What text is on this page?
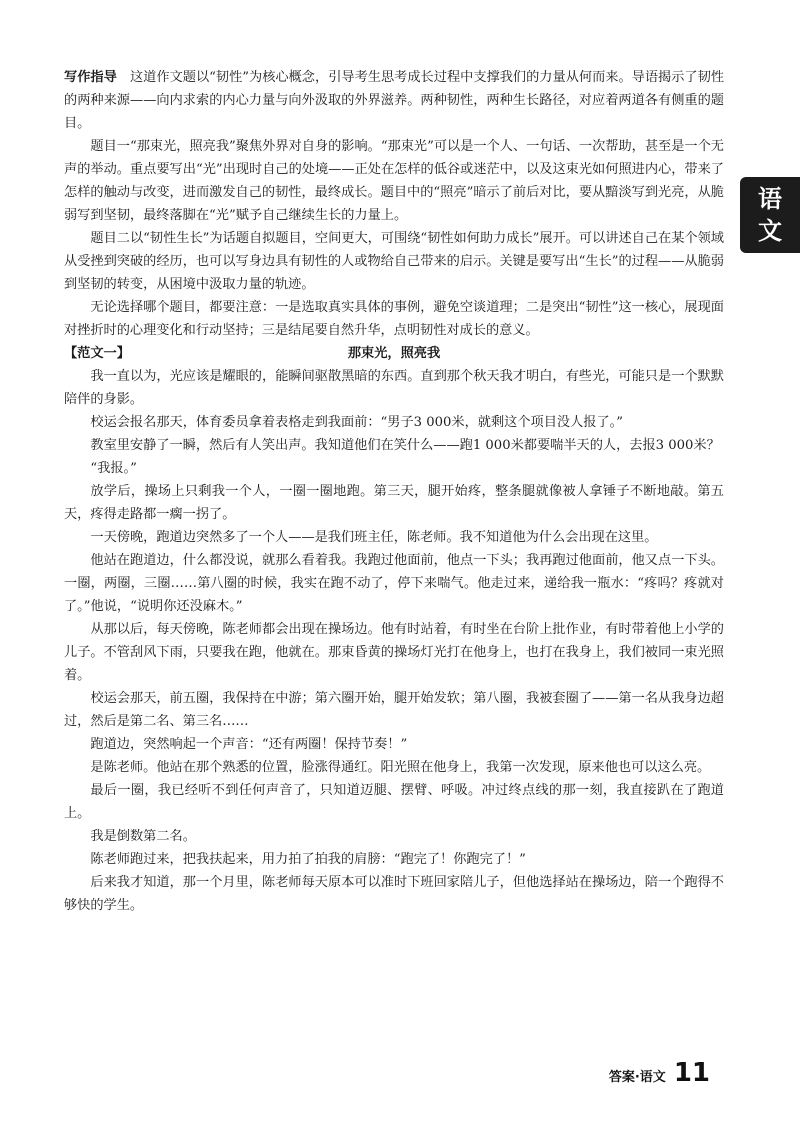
写作指导　 这道作文题以“韧性”为核心概念，引导考生思考成长过程中支撑我们的力量从何而来。导语揭示了韧性的两种来源——向内求索的内心力量与向外汲取的外界滋养。两种韧性，两种生长路径，对应着两道各有侧重的题目。

题目一“那束光，照亮我”聚焦外界对自身的影响。“那束光”可以是一个人、一句话、一次帮助，甚至是一个无声的举动。重点要写出“光”出现时自己的处境——正处在怎样的低谷或迷茫中，以及这束光如何照进内心，带来了怎样的触动与改变，进而激发自己的韧性，最终成长。题目中的“照亮”暗示了前后对比，要从黯淡写到光亮，从脆弱写到坚韧，最终落脚在“光”赋予自己继续生长的力量上。

题目二以“韧性生长”为话题自拟题目，空间更大，可围绕“韧性如何助力成长”展开。可以讲述自己在某个领域从受挫到突破的经历，也可以写身边具有韧性的人或物给自己带来的启示。关键是要写出“生长”的过程——从脆弱到坚韧的转变，从困境中汲取力量的轨迹。

无论选择哪个题目，都要注意：一是选取真实具体的事例，避免空谈道理；二是突出“韧性”这一核心，展现面对挫折时的心理变化和行动坚持；三是结尾要自然升华，点明韧性对成长的意义。

【范文一】	那束光，照亮我

我一直以为，光应该是耀眼的，能瞬间驱散黑暗的东西。直到那个秋天我才明白，有些光，可能只是一个默默陪伴的身影。

校运会报名那天，体育委员拿着表格走到我面前：“男子3 000米，就剩这个项目没人报了。”

教室里安静了一瞬，然后有人笑出声。我知道他们在笑什么——跑1 000米都要喘半天的人，去报3 000米？

“我报。”

放学后，操场上只剩我一个人，一圈一圈地跑。第三天，腿开始疼，整条腿就像被人拿锤子不断地敲。第五天，疼得走路都一瘸一拐了。

一天傍晚，跑道边突然多了一个人——是我们班主任，陈老师。我不知道他为什么会出现在这里。

他站在跑道边，什么都没说，就那么看着我。我跑过他面前，他点一下头；我再跑过他面前，他又点一下头。一圈，两圈，三圈……第八圈的时候，我实在跑不动了，停下来喘气。他走过来，递给我一瓶水：“疼吗？疼就对了。”他说，“说明你还没麻木。”

从那以后，每天傍晚，陈老师都会出现在操场边。他有时站着，有时坐在台阶上批作业，有时带着他上小学的儿子。不管刮风下雨，只要我在跑，他就在。那束昏黄的操场灯光打在他身上，也打在我身上，我们被同一束光照着。

校运会那天，前五圈，我保持在中游；第六圈开始，腿开始发软；第八圈，我被套圈了——第一名从我身边超过，然后是第二名、第三名……

跑道边，突然响起一个声音：“还有两圈！保持节奏！”

是陈老师。他站在那个熟悉的位置，脸涨得通红。阳光照在他身上，我第一次发现，原来他也可以这么亮。

最后一圈，我已经听不到任何声音了，只知道迈腿、摆臂、呼吸。冲过终点线的那一刻，我直接趴在了跑道上。

我是倒数第二名。

陈老师跑过来，把我扶起来，用力拍了拍我的肩膀：“跑完了！你跑完了！”

后来我才知道，那一个月里，陈老师每天原本可以准时下班回家陪儿子，但他选择站在操场边，陪一个跑得不够快的学生。

语
文
答案·语文 11
